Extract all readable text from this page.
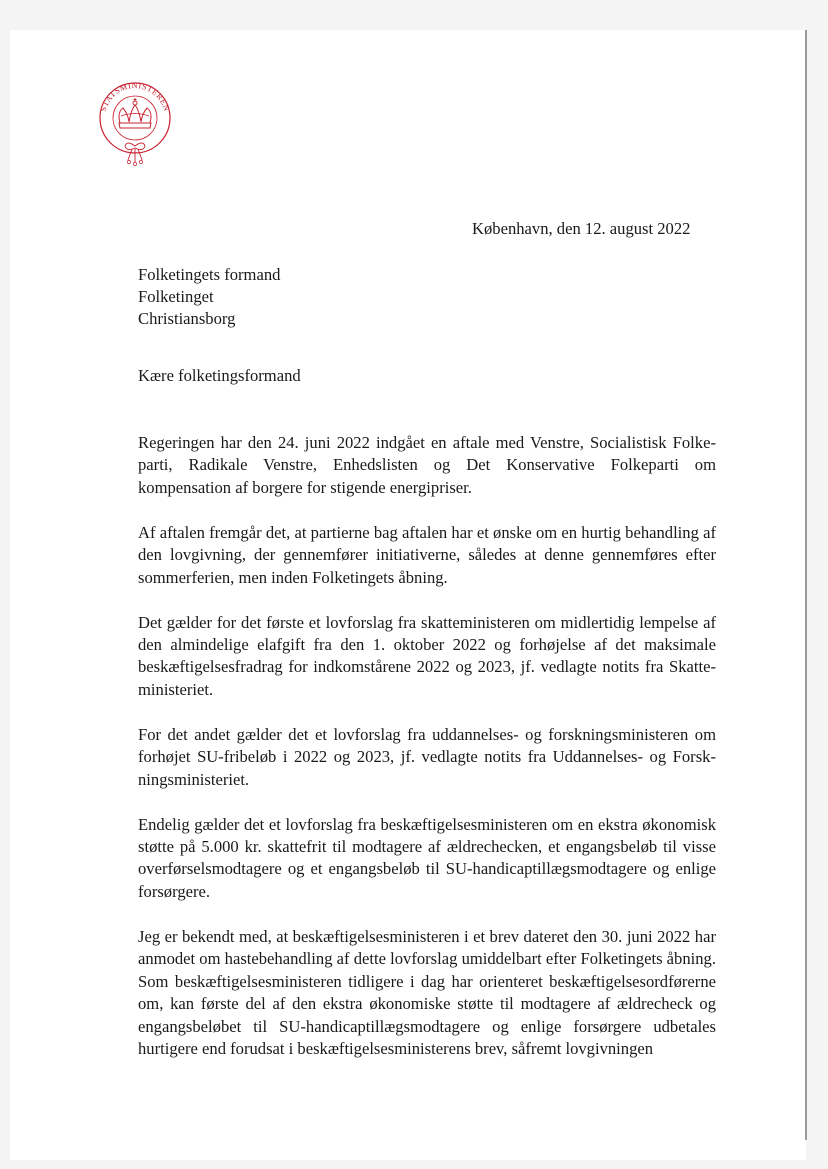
STATSMINISTEREN
København, den 12. august 2022
Folketingets formand
Folketinget
Christiansborg
Kære folketingsformand

Regeringen har den 24. juni 2022 indgået en aftale med Venstre, Socialistisk Folkeparti, Radikale Venstre, Enhedslisten og Det Konservative Folkeparti om kompensation af borgere for stigende energipriser.

Af aftalen fremgår det, at partierne bag aftalen har et ønske om en hurtig behandling af den lovgivning, der gennemfører initiativerne, således at denne gennemføres efter sommerferien, men inden Folketingets åbning.

Det gælder for det første et lovforslag fra skatteministeren om midlertidig lempelse af den almindelige elafgift fra den 1. oktober 2022 og forhøjelse af det maksimale beskæftigelsesfradrag for indkomstårene 2022 og 2023, jf. vedlagte notits fra Skatteministeriet.

For det andet gælder det et lovforslag fra uddannelses- og forskningsministeren om forhøjet SU-fribeløb i 2022 og 2023, jf. vedlagte notits fra Uddannelses- og Forskningsministeriet.

Endelig gælder det et lovforslag fra beskæftigelsesministeren om en ekstra økonomisk støtte på 5.000 kr. skattefrit til modtagere af ældrechecken, et engangsbeløb til visse overførselsmodtagere og et engangsbeløb til SU-handicaptillægsmodtagere og enlige forsørgere.

Jeg er bekendt med, at beskæftigelsesministeren i et brev dateret den 30. juni 2022 har anmodet om hastebehandling af dette lovforslag umiddelbart efter Folketingets åbning. Som beskæftigelsesministeren tidligere i dag har orienteret beskæftigelsesordførerne om, kan første del af den ekstra økonomiske støtte til modtagere af ældrecheck og engangsbeløbet til SU-handicaptillægsmodtagere og enlige forsørgere udbetales hurtigere end forudsat i beskæftigelsesministerens brev, såfremt lovgivningen
